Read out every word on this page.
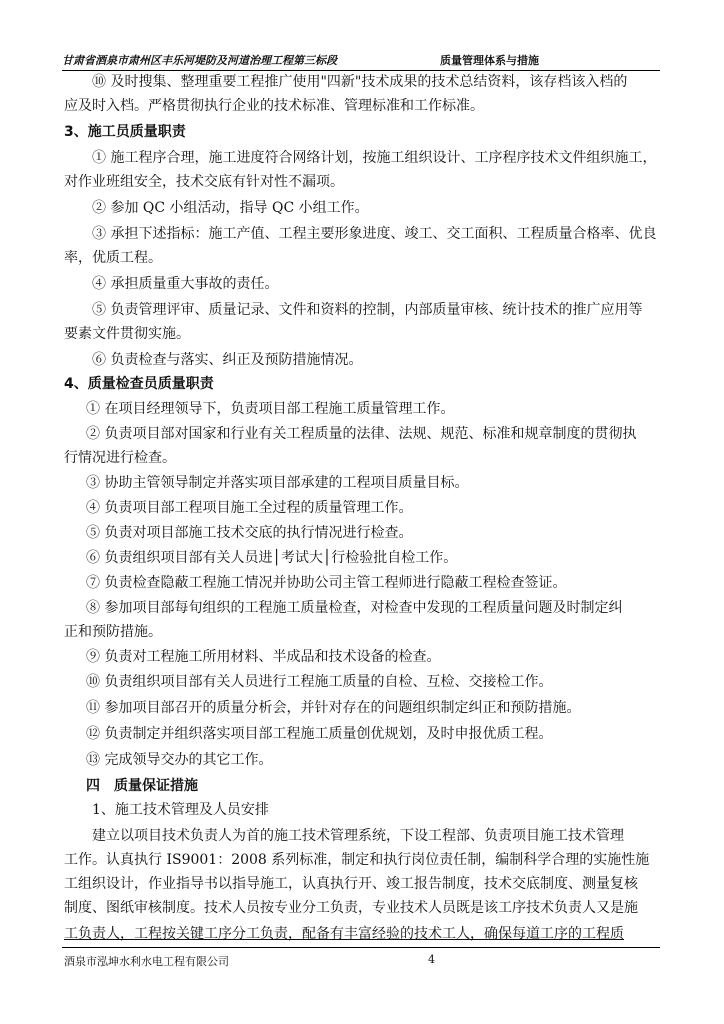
甘肃省酒泉市肃州区丰乐河堤防及河道治理工程第三标段	质量管理体系与措施
⑩ 及时搜集、整理重要工程推广使用"四新"技术成果的技术总结资料，该存档该入档的
应及时入档。严格贯彻执行企业的技术标准、管理标准和工作标准。
3、施工员质量职责
① 施工程序合理，施工进度符合网络计划，按施工组织设计、工序程序技术文件组织施工，
对作业班组安全，技术交底有针对性不漏项。
② 参加 QC 小组活动，指导 QC 小组工作。
③ 承担下述指标：施工产值、工程主要形象进度、竣工、交工面积、工程质量合格率、优良
率，优质工程。
④ 承担质量重大事故的责任。
⑤ 负责管理评审、质量记录、文件和资料的控制，内部质量审核、统计技术的推广应用等
要素文件贯彻实施。
⑥ 负责检查与落实、纠正及预防措施情况。
4、质量检查员质量职责
① 在项目经理领导下，负责项目部工程施工质量管理工作。
② 负责项目部对国家和行业有关工程质量的法律、法规、规范、标准和规章制度的贯彻执
行情况进行检查。
③ 协助主管领导制定并落实项目部承建的工程项目质量目标。
④ 负责项目部工程项目施工全过程的质量管理工作。
⑤ 负责对项目部施工技术交底的执行情况进行检查。
⑥ 负责组织项目部有关人员进│考试大│行检验批自检工作。
⑦ 负责检查隐蔽工程施工情况并协助公司主管工程师进行隐蔽工程检查签证。
⑧ 参加项目部每旬组织的工程施工质量检查，对检查中发现的工程质量问题及时制定纠
正和预防措施。
⑨ 负责对工程施工所用材料、半成品和技术设备的检查。
⑩ 负责组织项目部有关人员进行工程施工质量的自检、互检、交接检工作。
⑪ 参加项目部召开的质量分析会，并针对存在的问题组织制定纠正和预防措施。
⑫ 负责制定并组织落实项目部工程施工质量创优规划，及时申报优质工程。
⑬ 完成领导交办的其它工作。
四　质量保证措施
1、施工技术管理及人员安排
建立以项目技术负责人为首的施工技术管理系统，下设工程部、负责项目施工技术管理
工作。认真执行 IS9001：2008 系列标准，制定和执行岗位责任制，编制科学合理的实施性施
工组织设计，作业指导书以指导施工，认真执行开、竣工报告制度，技术交底制度、测量复核
制度、图纸审核制度。技术人员按专业分工负责，专业技术人员既是该工序技术负责人又是施
工负责人，工程按关键工序分工负责，配备有丰富经验的技术工人，确保每道工序的工程质
酒泉市泓坤水利水电工程有限公司	4
